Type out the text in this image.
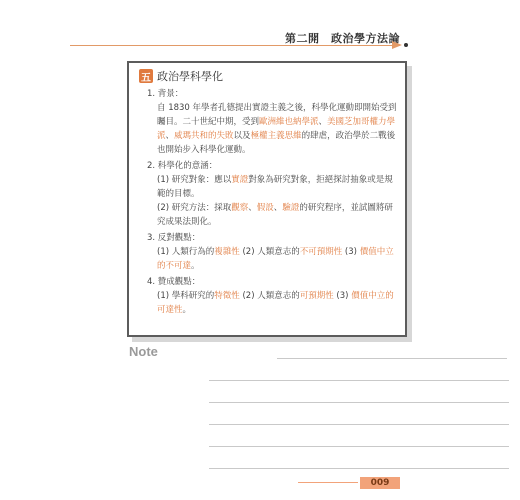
第二開　政治學方法論
五 政治學科學化
1. 背景：
自 1830 年學者孔德提出實證主義之後，科學化運動即開始受到矚目。二十世紀中期，受到歐洲維也納學派、美國芝加哥權力學派、威瑪共和的失敗以及極權主義思維的肆虐，政治學於二戰後也開始步入科學化運動。
2. 科學化的意涵：
(1) 研究對象：應以實證對象為研究對象，拒絕探討抽象或是規範的目標。
(2) 研究方法：採取觀察、假設、驗證的研究程序，並試圖將研究成果法則化。
3. 反對觀點：
(1) 人類行為的複雜性 (2) 人類意志的不可預期性 (3) 價值中立的不可達。
4. 贊成觀點：
(1) 學科研究的特徵性 (2) 人類意志的可預期性 (3) 價值中立的可達性。
Note
009
